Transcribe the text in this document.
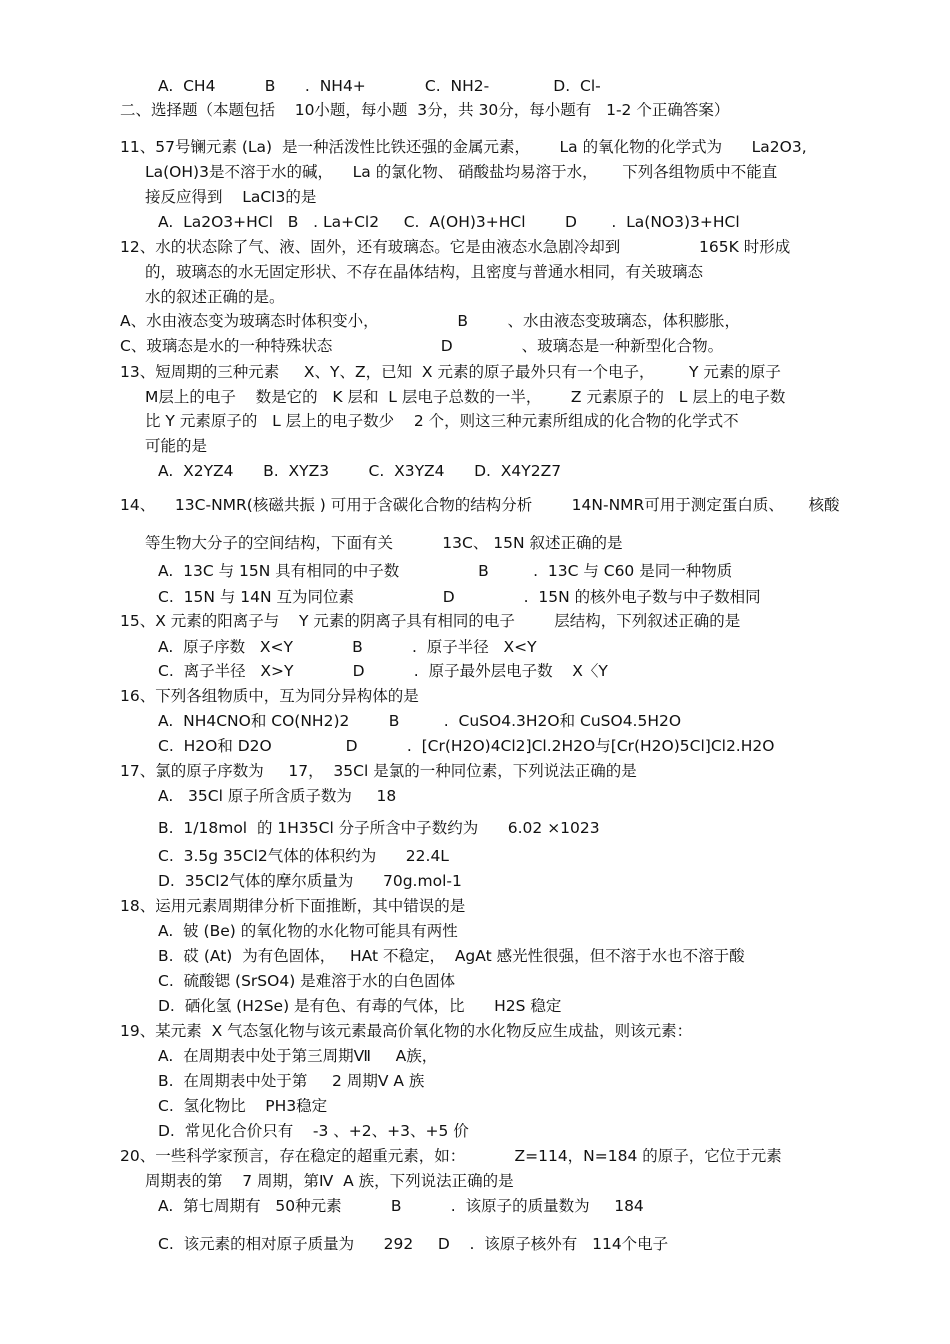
A.  CH4          B      .  NH4+            C.  NH2-             D.  Cl-
二、选择题（本题包括    10小题，每小题  3分，共 30分，每小题有   1-2 个正确答案）
11、57号镧元素 (La)  是一种活泼性比铁还强的金属元素，      La 的氧化物的化学式为      La2O3,
La(OH)3是不溶于水的碱，    La 的氯化物、 硝酸盐均易溶于水，     下列各组物质中不能直
接反应得到    LaCl3的是
A.  La2O3+HCl   B   . La+Cl2     C.  A(OH)3+HCl        D       .  La(NO3)3+HCl
12、水的状态除了气、液、固外，还有玻璃态。它是由液态水急剧冷却到                165K 时形成
的，玻璃态的水无固定形状、不存在晶体结构，且密度与普通水相同，有关玻璃态
水的叙述正确的是。
A、水由液态变为玻璃态时体积变小，                B        、水由液态变玻璃态，体积膨胀，
C、玻璃态是水的一种特殊状态                      D              、玻璃态是一种新型化合物。
13、短周期的三种元素     X、Y、Z，已知  X 元素的原子最外只有一个电子，       Y 元素的原子
M层上的电子    数是它的   K 层和  L 层电子总数的一半，      Z 元素原子的   L 层上的电子数
比 Y 元素原子的   L 层上的电子数少    2 个，则这三种元素所组成的化合物的化学式不
可能的是
A.  X2YZ4      B.  XYZ3        C.  X3YZ4      D.  X4Y2Z7
14、    13C-NMR(核磁共振 ) 可用于含碳化合物的结构分析        14N-NMR可用于测定蛋白质、     核酸
等生物大分子的空间结构，下面有关          13C、 15N 叙述正确的是
A.  13C 与 15N 具有相同的中子数                B         .  13C 与 C60 是同一种物质
C.  15N 与 14N 互为同位素                  D              .  15N 的核外电子数与中子数相同
15、X 元素的阳离子与    Y 元素的阴离子具有相同的电子        层结构，下列叙述正确的是
A.  原子序数   X<Y            B          .  原子半径   X<Y
C.  离子半径   X>Y            D          .  原子最外层电子数    X〈Y
16、下列各组物质中，互为同分异构体的是
A.  NH4CNO和 CO(NH2)2        B         .  CuSO4.3H2O和 CuSO4.5H2O
C.  H2O和 D2O               D          .  [Cr(H2O)4Cl2]Cl.2H2O与[Cr(H2O)5Cl]Cl2.H2O
17、氯的原子序数为     17，  35Cl 是氯的一种同位素，下列说法正确的是
A.   35Cl 原子所含质子数为     18
B.  1/18mol  的 1H35Cl 分子所含中子数约为      6.02 ×1023
C.  3.5g 35Cl2气体的体积约为      22.4L
D.  35Cl2气体的摩尔质量为      70g.mol-1
18、运用元素周期律分析下面推断，其中错误的是
A.  铍 (Be) 的氧化物的水化物可能具有两性
B.  砹 (At)  为有色固体，   HAt 不稳定，  AgAt 感光性很强，但不溶于水也不溶于酸
C.  硫酸锶 (SrSO4) 是难溶于水的白色固体
D.  硒化氢 (H2Se) 是有色、有毒的气体，比      H2S 稳定
19、某元素  X 气态氢化物与该元素最高价氧化物的水化物反应生成盐，则该元素：
A.  在周期表中处于第三周期Ⅶ     A族，
B.  在周期表中处于第     2 周期Ⅴ A 族
C.  氢化物比    PH3稳定
D.  常见化合价只有    -3 、+2、+3、+5 价
20、一些科学家预言，存在稳定的超重元素，如：          Z=114，N=184 的原子，它位于元素
周期表的第    7 周期，第Ⅳ  A 族，下列说法正确的是
A.  第七周期有   50种元素          B          .  该原子的质量数为     184
C.  该元素的相对原子质量为      292     D    .  该原子核外有   114个电子
